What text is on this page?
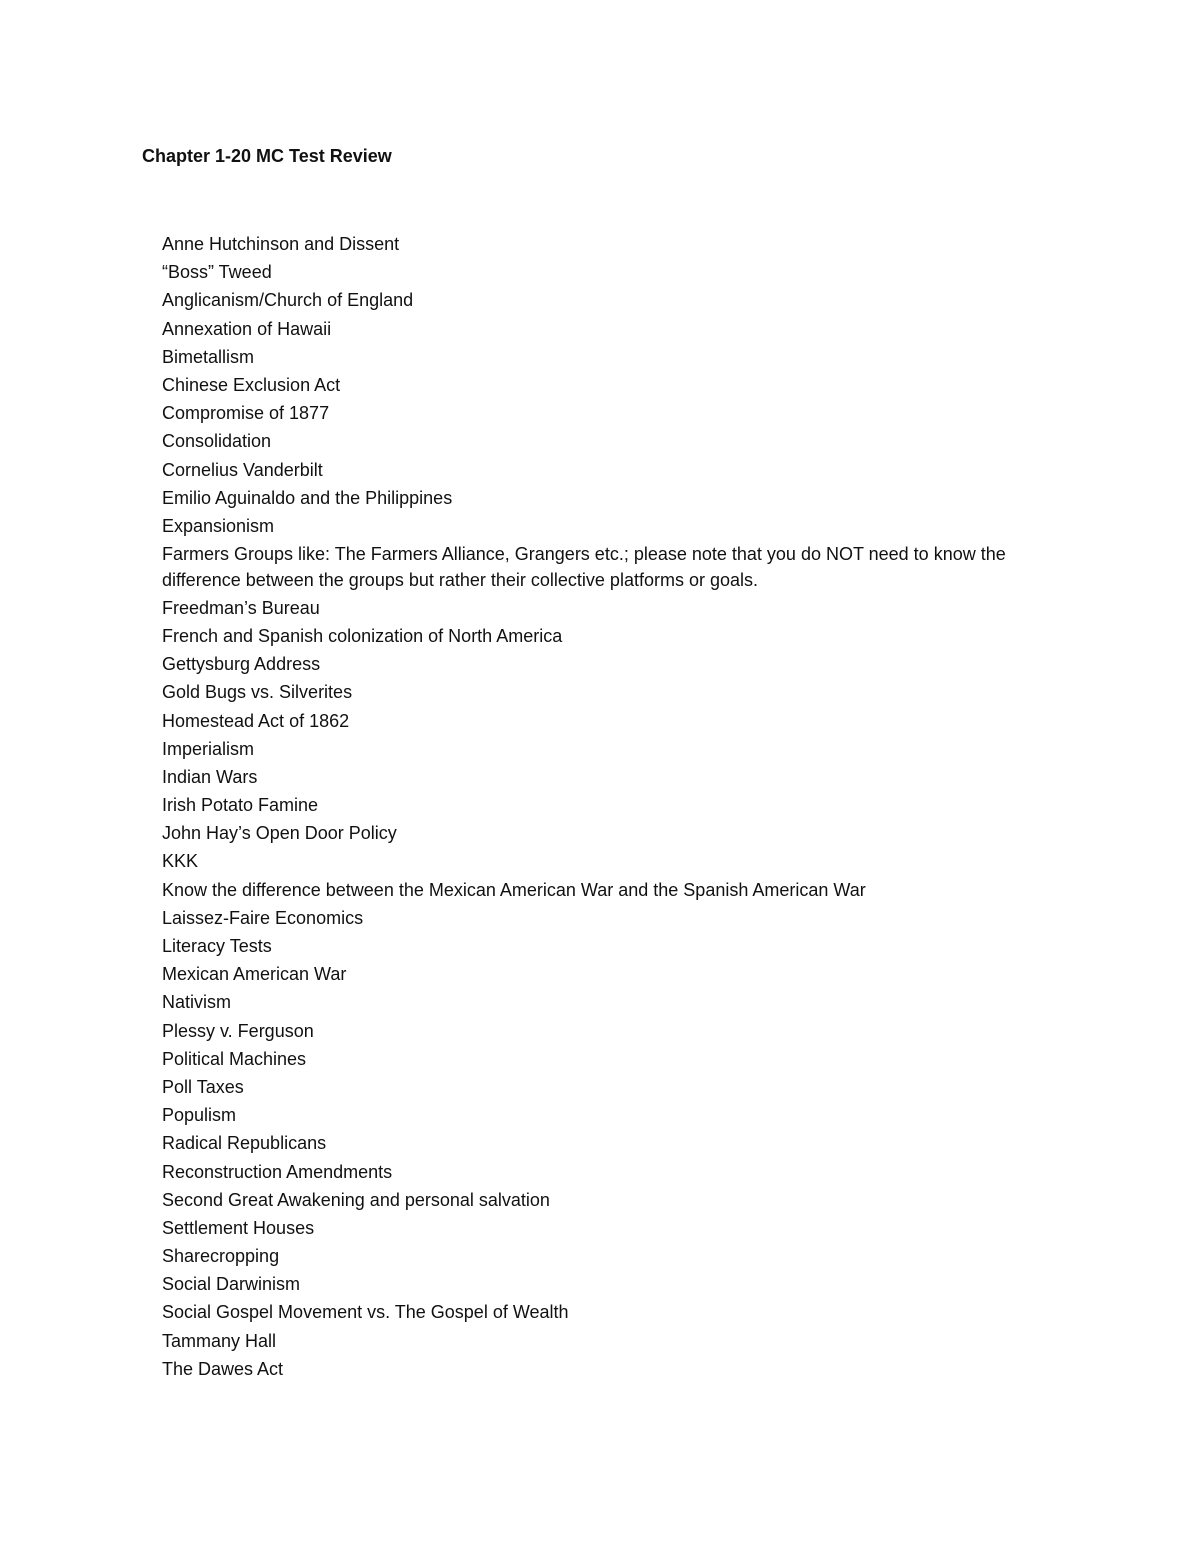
Chapter 1-20 MC Test Review
Anne Hutchinson and Dissent
“Boss” Tweed
Anglicanism/Church of England
Annexation of Hawaii
Bimetallism
Chinese Exclusion Act
Compromise of 1877
Consolidation
Cornelius Vanderbilt
Emilio Aguinaldo and the Philippines
Expansionism
Farmers Groups like: The Farmers Alliance, Grangers etc.; please note that you do NOT need to know the difference between the groups but rather their collective platforms or goals.
Freedman’s Bureau
French and Spanish colonization of North America
Gettysburg Address
Gold Bugs vs. Silverites
Homestead Act of 1862
Imperialism
Indian Wars
Irish Potato Famine
John Hay’s Open Door Policy
KKK
Know the difference between the Mexican American War and the Spanish American War
Laissez-Faire Economics
Literacy Tests
Mexican American War
Nativism
Plessy v. Ferguson
Political Machines
Poll Taxes
Populism
Radical Republicans
Reconstruction Amendments
Second Great Awakening and personal salvation
Settlement Houses
Sharecropping
Social Darwinism
Social Gospel Movement vs. The Gospel of Wealth
Tammany Hall
The Dawes Act
